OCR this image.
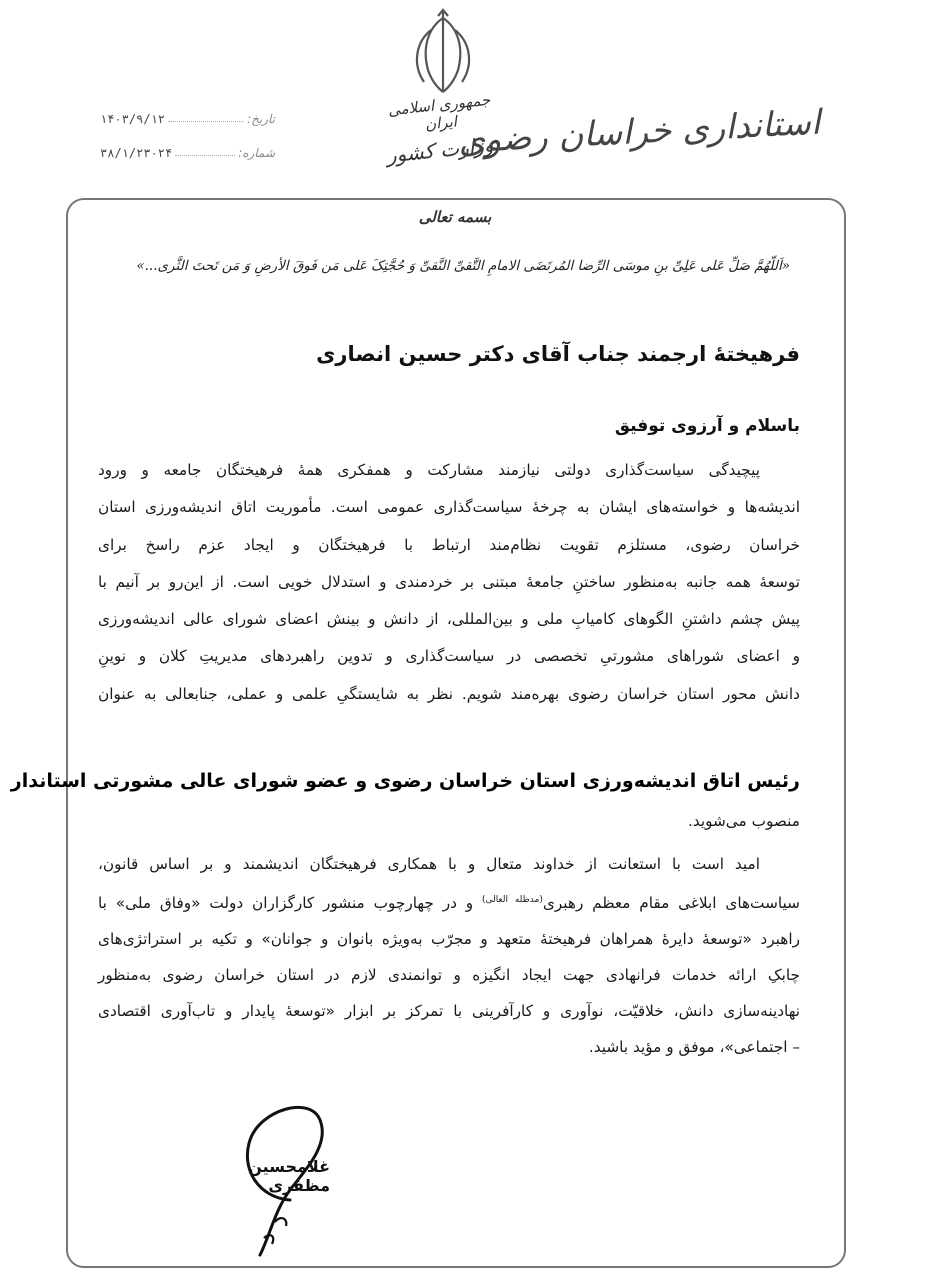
جمهوری اسلامی ایران
وزارت کشور
استانداری خراسان رضوی
تاریخ:
۱۴۰۳/۹/۱۲
شماره:
۳۸/۱/۲۳۰۲۴
بسمه تعالی
«اَللّهُمَّ صَلِّ عَلی عَلِیِّ بنِ موسَی الرِّضا المُرتَضَی الامامِ التَّقیِّ النَّقیِّ وَ حُجَّتِکَ عَلی مَن فَوقَ الأرضِ وَ مَن تَحتَ الثَّری...»
فرهیختۀ ارجمند جناب آقای دکتر حسین انصاری
باسلام و آرزوی توفیق

پیچیدگی سیاست‌گذاری دولتی نیازمند مشارکت و همفکری همۀ فرهیختگان جامعه و ورود

اندیشه‌ها و خواسته‌های ایشان به چرخۀ سیاست‌گذاری عمومی است. مأموریت اتاق اندیشه‌ورزی استان

خراسان رضوی، مستلزم تقویت نظام‌مند ارتباط با فرهیختگان و ایجاد عزم راسخ برای

توسعۀ همه جانبه به‌منظور ساختنِ جامعۀ مبتنی بر خردمندی و استدلال خویی است. از این‌رو بر آنیم با

پیش چشم داشتنِ الگوهای کامیابِ ملی و بین‌المللی، از دانش و بینش اعضای شورای عالی اندیشه‌ورزی

و اعضای شوراهای مشورتیِ تخصصی در سیاست‌گذاری و تدوین راهبردهای مدیریتِ کلان و نوینِ

دانش محور استان خراسان رضوی بهره‌مند شویم. نظر به شایستگیِ علمی و عملی، جنابعالی به عنوان

رئیس اتاق اندیشه‌ورزی استان خراسان رضوی و عضو شورای عالی مشورتی استاندار
منصوب می‌شوید.

امید است با استعانت از خداوند متعال و با همکاری فرهیختگان اندیشمند و بر اساس قانون،

سیاست‌های ابلاغی مقام معظم رهبری$^{(مدظله العالی)}$ و در چهارچوب منشور کارگزاران دولت «وفاق ملی» با

راهبرد «توسعۀ دایرۀ همراهان فرهیختۀ متعهد و مجرّب به‌ویژه بانوان و جوانان» و تکیه بر استراتژی‌های

چابکِ ارائه خدمات فرانهادی جهت ایجاد انگیزه و توانمندی لازم در استان خراسان رضوی به‌منظور

نهادینه‌سازی دانش، خلاقیّت، نوآوری و کارآفرینی با تمرکز بر ابزار «توسعۀ پایدار و تاب‌آوری اقتصادی

– اجتماعی»، موفق و مؤید باشید.

غلامحسین مظفری
